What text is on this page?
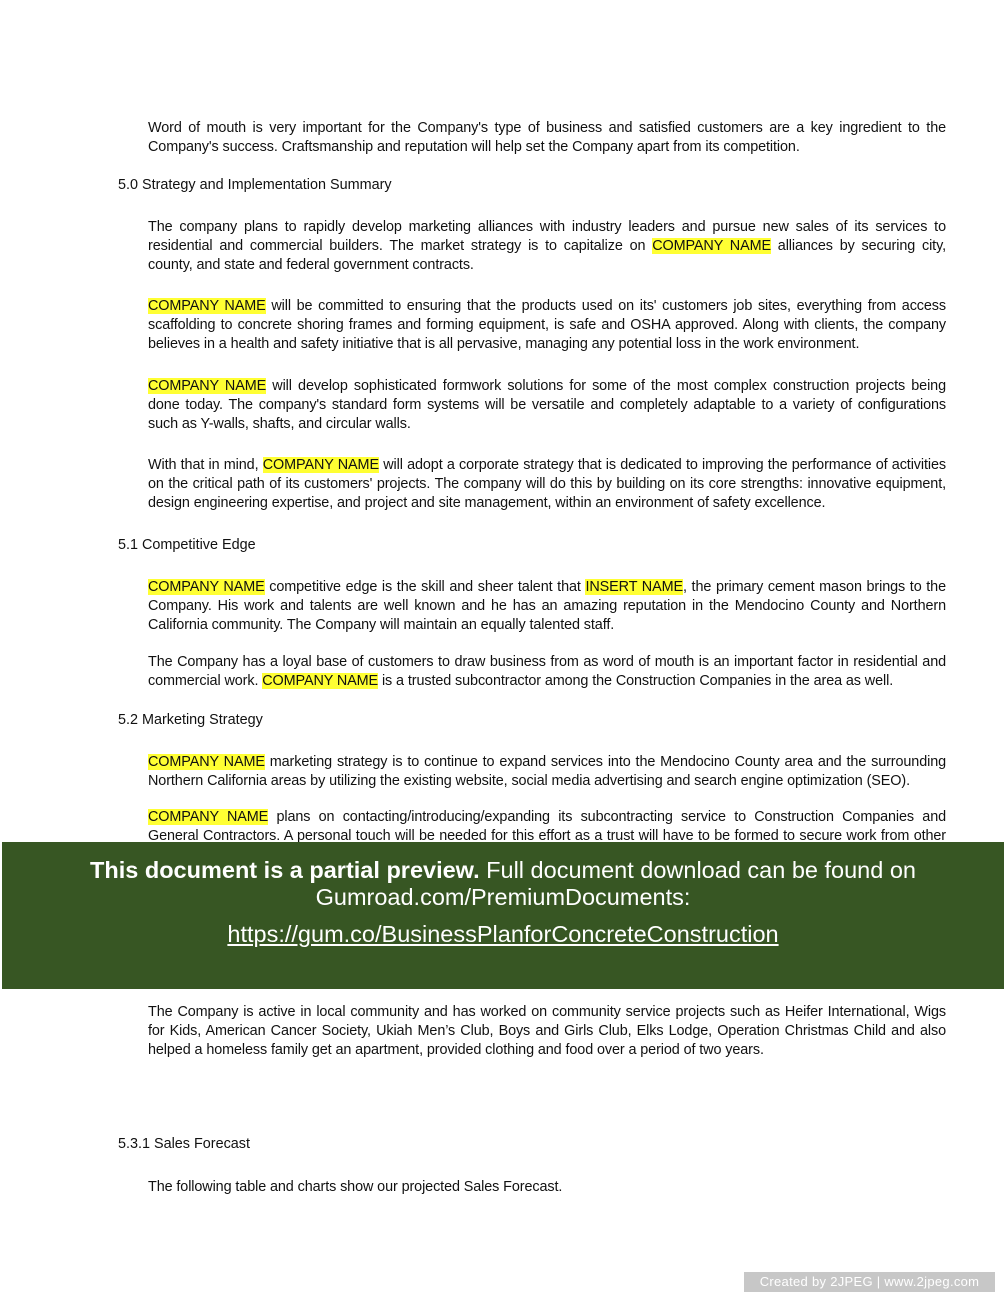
Word of mouth is very important for the Company's type of business and satisfied customers are a key ingredient to the Company's success. Craftsmanship and reputation will help set the Company apart from its competition.

5.0 Strategy and Implementation Summary

The company plans to rapidly develop marketing alliances with industry leaders and pursue new sales of its services to residential and commercial builders. The market strategy is to capitalize on COMPANY NAME alliances by securing city, county, and state and federal government contracts.

COMPANY NAME will be committed to ensuring that the products used on its' customers job sites, everything from access scaffolding to concrete shoring frames and forming equipment, is safe and OSHA approved. Along with clients, the company believes in a health and safety initiative that is all pervasive, managing any potential loss in the work environment.

COMPANY NAME will develop sophisticated formwork solutions for some of the most complex construction projects being done today. The company's standard form systems will be versatile and completely adaptable to a variety of configurations such as Y-walls, shafts, and circular walls.

With that in mind, COMPANY NAME will adopt a corporate strategy that is dedicated to improving the performance of activities on the critical path of its customers' projects. The company will do this by building on its core strengths: innovative equipment, design engineering expertise, and project and site management, within an environment of safety excellence.

5.1 Competitive Edge

COMPANY NAME competitive edge is the skill and sheer talent that INSERT NAME, the primary cement mason brings to the Company. His work and talents are well known and he has an amazing reputation in the Mendocino County and Northern California community. The Company will maintain an equally talented staff.

The Company has a loyal base of customers to draw business from as word of mouth is an important factor in residential and commercial work. COMPANY NAME is a trusted subcontractor among the Construction Companies in the area as well.

5.2 Marketing Strategy

COMPANY NAME marketing strategy is to continue to expand services into the Mendocino County area and the surrounding Northern California areas by utilizing the existing website, social media advertising and search engine optimization (SEO).

COMPANY NAME plans on contacting/introducing/expanding its subcontracting service to Construction Companies and General Contractors. A personal touch will be needed for this effort as a trust will have to be formed to secure work from other

This document is a partial preview. Full document download can be found on Gumroad.com/PremiumDocuments:
https://gum.co/BusinessPlanforConcreteConstruction

The Company is active in local community and has worked on community service projects such as Heifer International, Wigs for Kids, American Cancer Society, Ukiah Men’s Club, Boys and Girls Club, Elks Lodge, Operation Christmas Child and also helped a homeless family get an apartment, provided clothing and food over a period of two years.

5.3.1 Sales Forecast

The following table and charts show our projected Sales Forecast.

Created by 2JPEG | www.2jpeg.com
